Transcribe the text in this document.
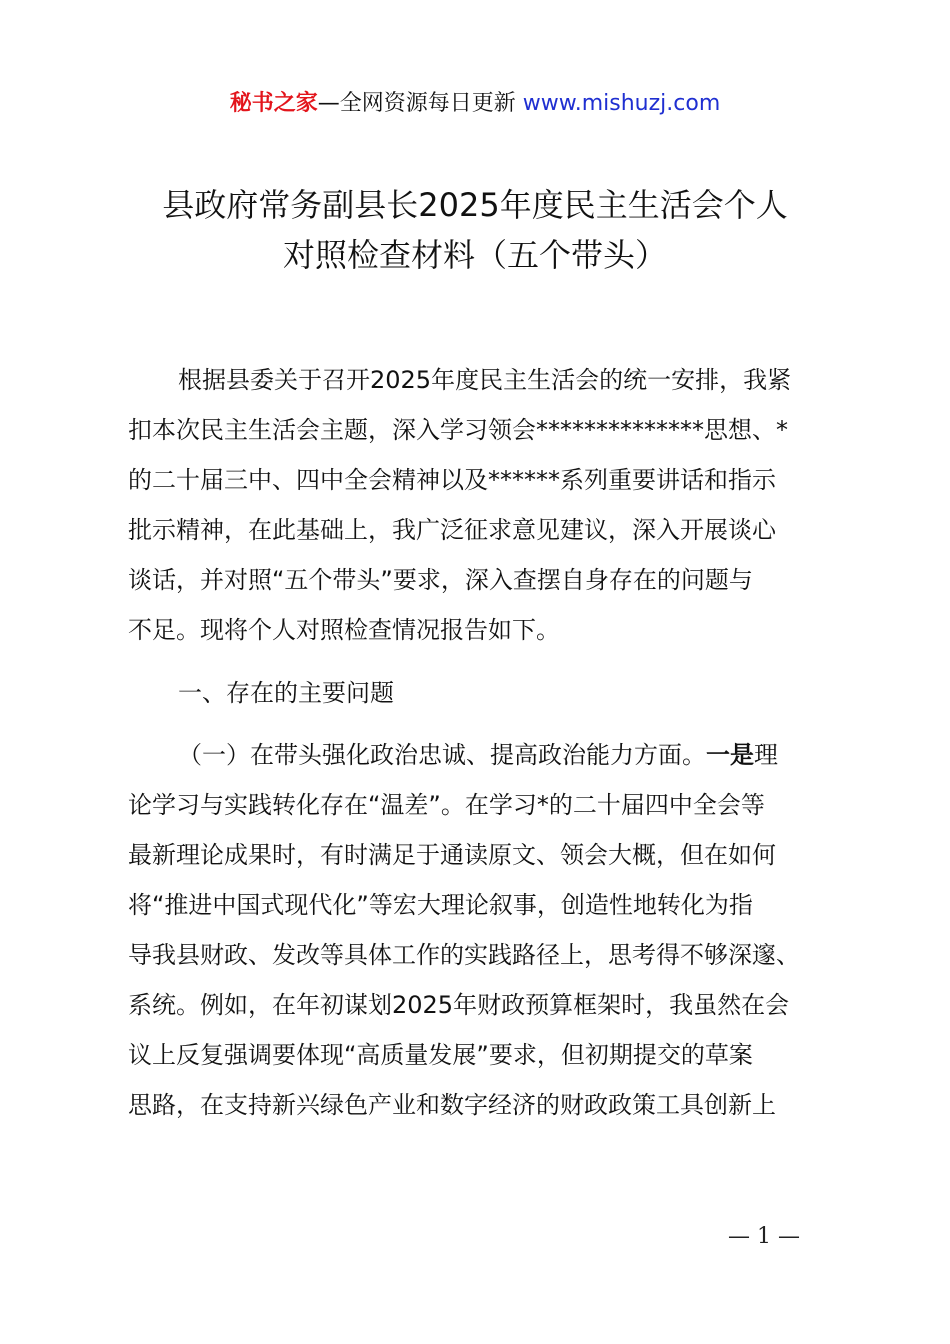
秘书之家—全网资源每日更新 www.mishuzj.com
县政府常务副县长2025年度民主生活会个人
对照检查材料（五个带头）
根据县委关于召开2025年度民主生活会的统一安排，我紧
扣本次民主生活会主题，深入学习领会**************思想、*
的二十届三中、四中全会精神以及******系列重要讲话和指示
批示精神，在此基础上，我广泛征求意见建议，深入开展谈心
谈话，并对照“五个带头”要求，深入查摆自身存在的问题与
不足。现将个人对照检查情况报告如下。
一、存在的主要问题
（一）在带头强化政治忠诚、提高政治能力方面。一是理
论学习与实践转化存在“温差”。在学习*的二十届四中全会等
最新理论成果时，有时满足于通读原文、领会大概，但在如何
将“推进中国式现代化”等宏大理论叙事，创造性地转化为指
导我县财政、发改等具体工作的实践路径上，思考得不够深邃、
系统。例如，在年初谋划2025年财政预算框架时，我虽然在会
议上反复强调要体现“高质量发展”要求，但初期提交的草案
思路，在支持新兴绿色产业和数字经济的财政政策工具创新上
— 1 —
